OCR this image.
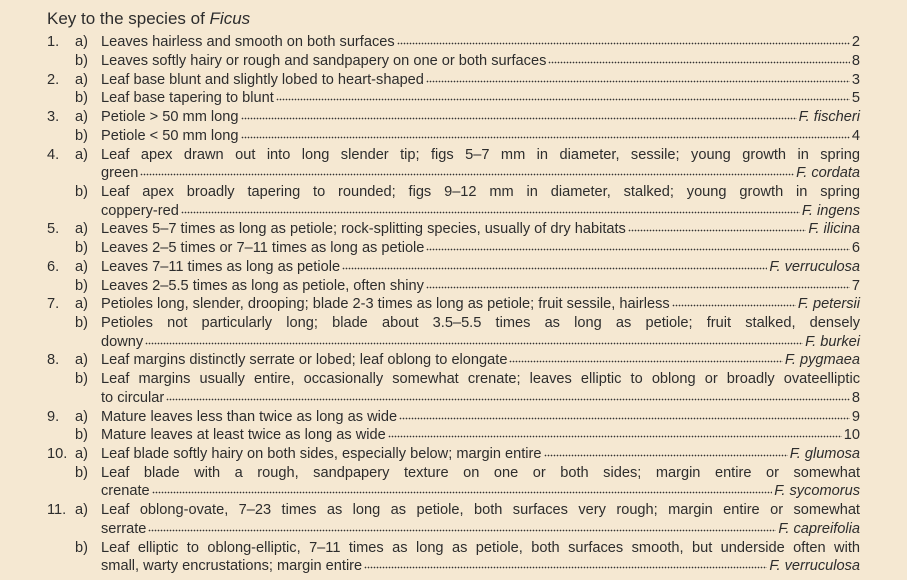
Key to the species of Ficus
1. a) Leaves hairless and smooth on both surfaces	2
b) Leaves softly hairy or rough and sandpapery on one or both surfaces	8
2. a) Leaf base blunt and slightly lobed to heart-shaped	3
b) Leaf base tapering to blunt	5
3. a) Petiole > 50 mm long	F. fischeri
b) Petiole < 50 mm long	4
4. a) Leaf apex drawn out into long slender tip; figs 5–7 mm in diameter, sessile; young growth in spring
green	F. cordata
b) Leaf apex broadly tapering to rounded; figs 9–12 mm in diameter, stalked; young growth in spring
coppery-red	F. ingens
5. a) Leaves 5–7 times as long as petiole; rock-splitting species, usually of dry habitats	F. ilicina
b) Leaves 2–5 times or 7–11 times as long as petiole	6
6. a) Leaves 7–11 times as long as petiole	F. verruculosa
b) Leaves 2–5.5 times as long as petiole, often shiny	7
7. a) Petioles long, slender, drooping; blade 2-3 times as long as petiole; fruit sessile, hairless	F. petersii
b) Petioles not particularly long; blade about 3.5–5.5 times as long as petiole; fruit stalked, densely
downy	F. burkei
8. a) Leaf margins distinctly serrate or lobed; leaf oblong to elongate	F. pygmaea
b) Leaf margins usually entire, occasionally somewhat crenate; leaves elliptic to oblong or broadly ovateelliptic
to circular	8
9. a) Mature leaves less than twice as long as wide	9
b) Mature leaves at least twice as long as wide	10
10. a) Leaf blade softly hairy on both sides, especially below; margin entire	F. glumosa
b) Leaf blade with a rough, sandpapery texture on one or both sides; margin entire or somewhat
crenate	F. sycomorus
11. a) Leaf oblong-ovate, 7–23 times as long as petiole, both surfaces very rough; margin entire or somewhat
serrate	F. capreifolia
b) Leaf elliptic to oblong-elliptic, 7–11 times as long as petiole, both surfaces smooth, but underside often with
small, warty encrustations; margin entire	F. verruculosa
